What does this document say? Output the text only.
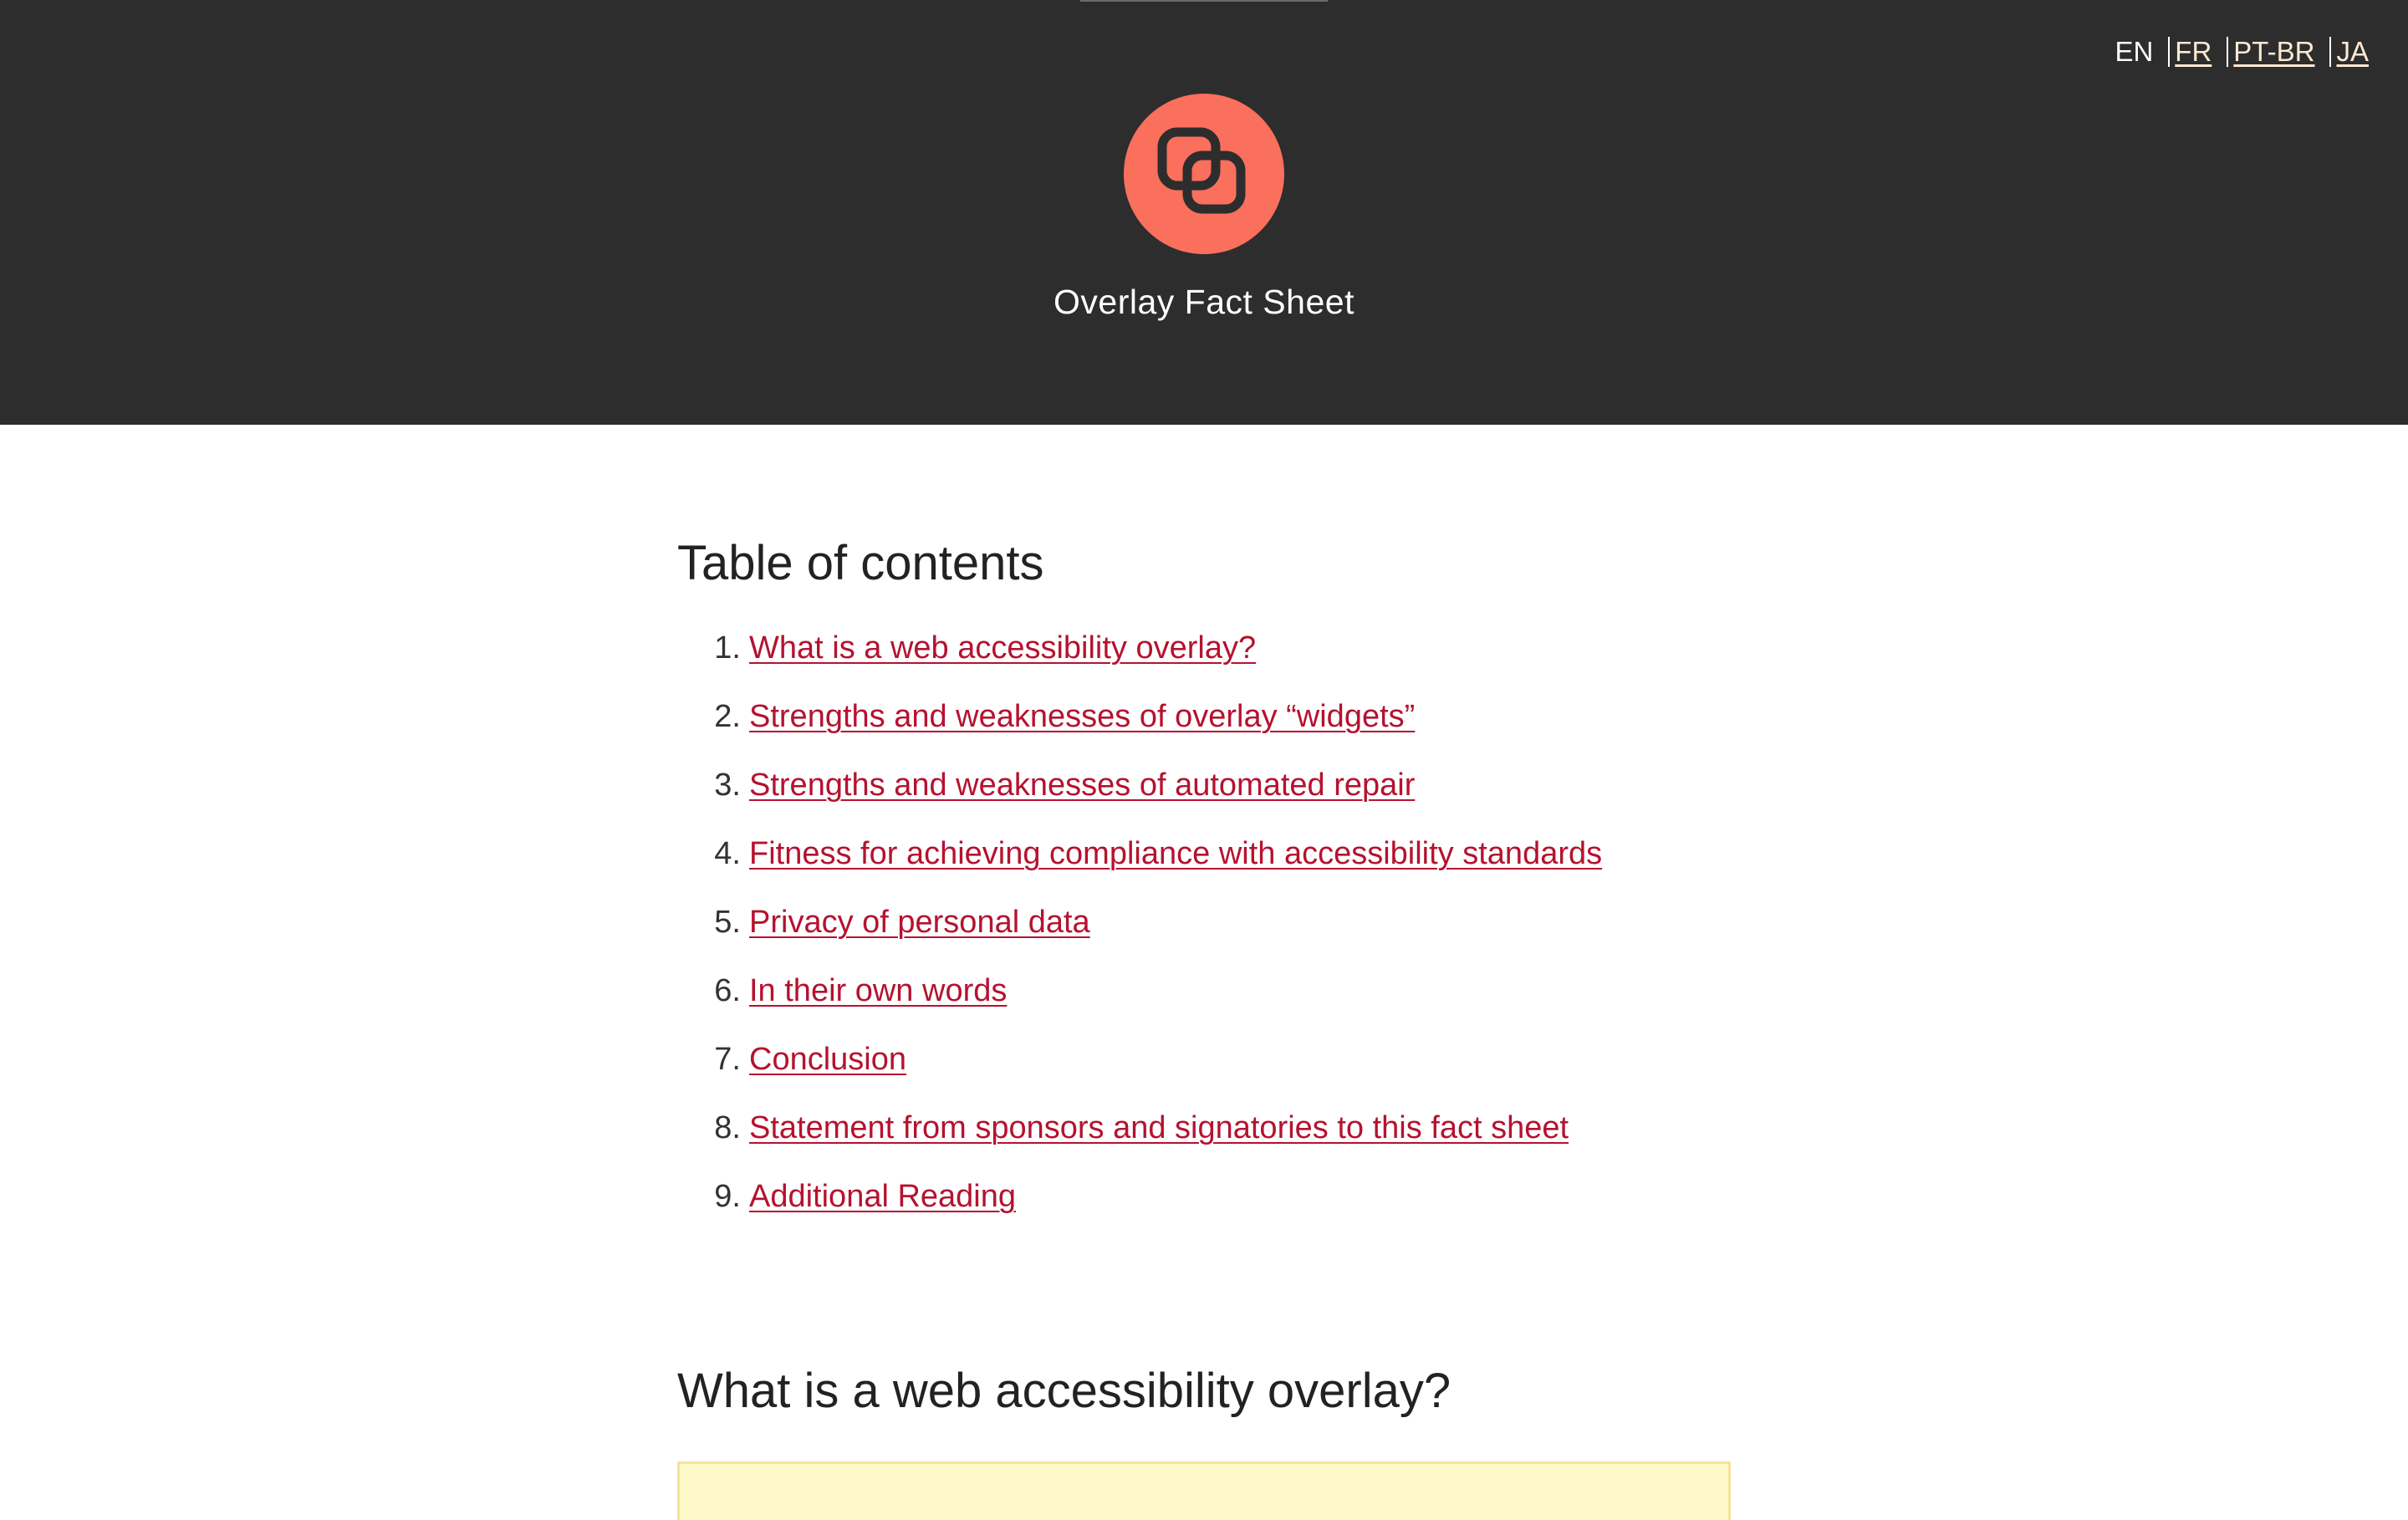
EN FR PT-BR JA
Overlay Fact Sheet
Table of contents
1. What is a web accessibility overlay?
2. Strengths and weaknesses of overlay “widgets”
3. Strengths and weaknesses of automated repair
4. Fitness for achieving compliance with accessibility standards
5. Privacy of personal data
6. In their own words
7. Conclusion
8. Statement from sponsors and signatories to this fact sheet
9. Additional Reading
What is a web accessibility overlay?
